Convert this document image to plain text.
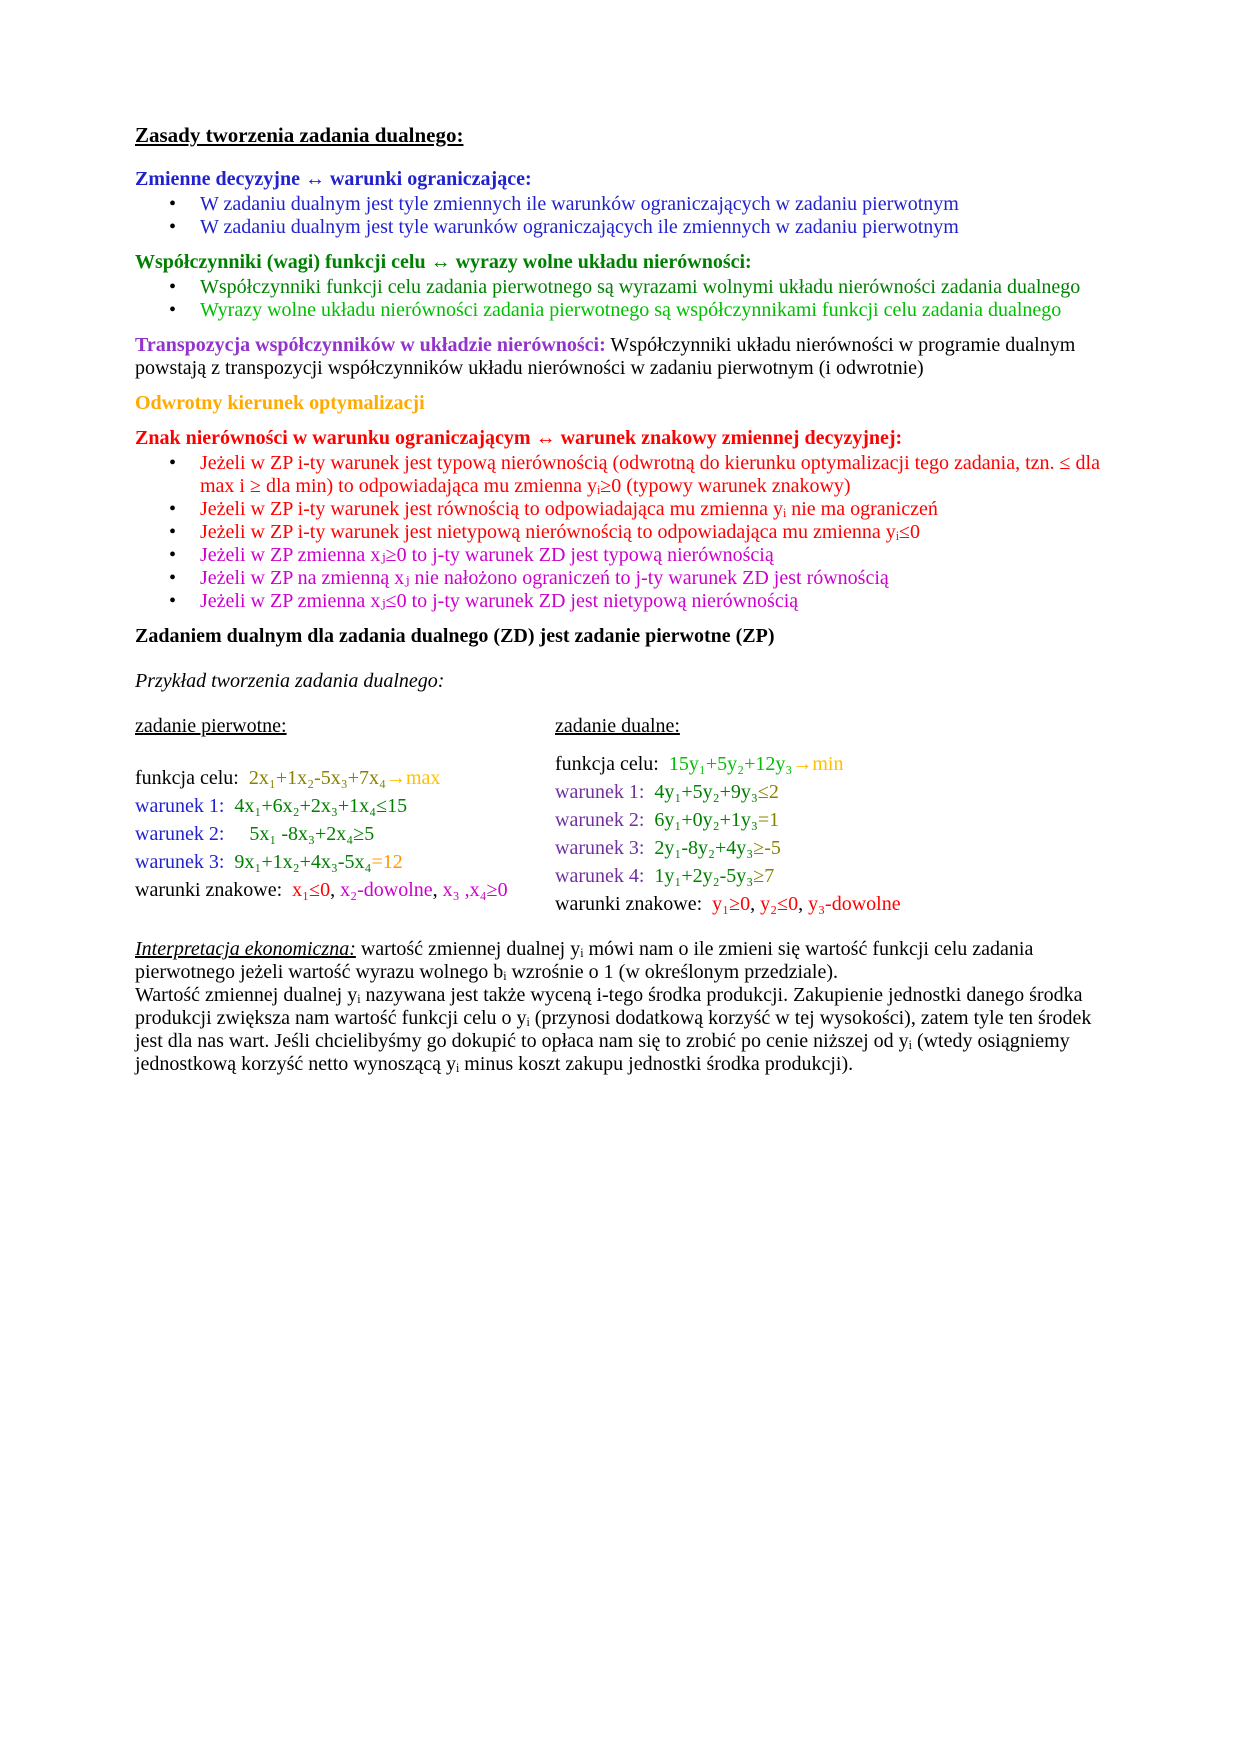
Zasady tworzenia zadania dualnego:

Zmienne decyzyjne ↔ warunki ograniczające:

• W zadaniu dualnym jest tyle zmiennych ile warunków ograniczających w zadaniu pierwotnym
• W zadaniu dualnym jest tyle warunków ograniczających ile zmiennych w zadaniu pierwotnym

Współczynniki (wagi) funkcji celu ↔ wyrazy wolne układu nierówności:

• Współczynniki funkcji celu zadania pierwotnego są wyrazami wolnymi układu nierówności zadania dualnego
• Wyrazy wolne układu nierówności zadania pierwotnego są współczynnikami funkcji celu zadania dualnego

Transpozycja współczynników w układzie nierówności: Współczynniki układu nierówności w programie dualnym powstają z transpozycji współczynników układu nierówności w zadaniu pierwotnym (i odwrotnie)

Odwrotny kierunek optymalizacji

Znak nierówności w warunku ograniczającym ↔ warunek znakowy zmiennej decyzyjnej:

• Jeżeli w ZP i-ty warunek jest typową nierównością (odwrotną do kierunku optymalizacji tego zadania, tzn. ≤ dla max i ≥ dla min) to odpowiadająca mu zmienna yᵢ≥0 (typowy warunek znakowy)
• Jeżeli w ZP i-ty warunek jest równością to odpowiadająca mu zmienna yᵢ nie ma ograniczeń
• Jeżeli w ZP i-ty warunek jest nietypową nierównością to odpowiadająca mu zmienna yᵢ≤0
• Jeżeli w ZP zmienna xⱼ≥0 to j-ty warunek ZD jest typową nierównością
• Jeżeli w ZP na zmienną xⱼ nie nałożono ograniczeń to j-ty warunek ZD jest równością
• Jeżeli w ZP zmienna xⱼ≤0 to j-ty warunek ZD jest nietypową nierównością

Zadaniem dualnym dla zadania dualnego (ZD) jest zadanie pierwotne (ZP)

Przykład tworzenia zadania dualnego:

zadanie pierwotne:

funkcja celu: 2x₁+1x₂-5x₃+7x₄→max

warunek 1: 4x₁+6x₂+2x₃+1x₄≤15

warunek 2:   5x₁ -8x₃+2x₄≥5

warunek 3: 9x₁+1x₂+4x₃-5x₄=12

warunki znakowe: x₁≤0, x₂-dowolne, x₃ ,x₄≥0

zadanie dualne:

funkcja celu: 15y₁+5y₂+12y₃→min

warunek 1: 4y₁+5y₂+9y₃≤2

warunek 2: 6y₁+0y₂+1y₃=1

warunek 3: 2y₁-8y₂+4y₃≥-5

warunek 4: 1y₁+2y₂-5y₃≥7

warunki znakowe: y₁≥0, y₂≤0, y₃-dowolne

Interpretacja ekonomiczna: wartość zmiennej dualnej yᵢ mówi nam o ile zmieni się wartość funkcji celu zadania pierwotnego jeżeli wartość wyrazu wolnego bᵢ wzrośnie o 1 (w określonym przedziale).

Wartość zmiennej dualnej yᵢ nazywana jest także wyceną i-tego środka produkcji. Zakupienie jednostki danego środka produkcji zwiększa nam wartość funkcji celu o yᵢ (przynosi dodatkową korzyść w tej wysokości), zatem tyle ten środek jest dla nas wart. Jeśli chcielibyśmy go dokupić to opłaca nam się to zrobić po cenie niższej od yᵢ (wtedy osiągniemy jednostkową korzyść netto wynoszącą yᵢ minus koszt zakupu jednostki środka produkcji).
